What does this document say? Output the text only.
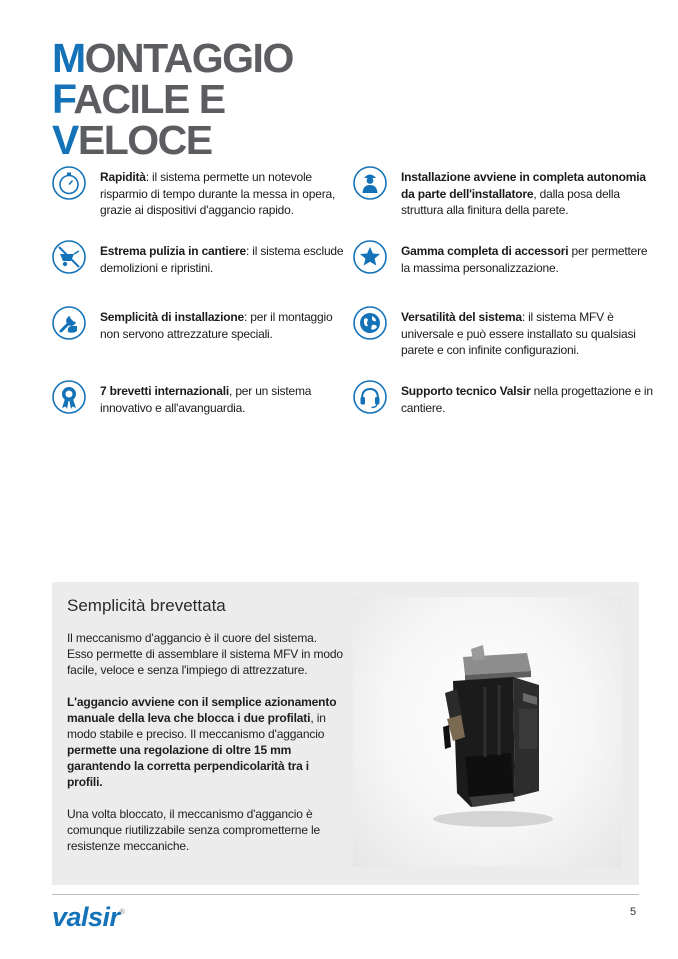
MONTAGGIO
FACILE E
VELOCE
Rapidità: il sistema permette un notevole risparmio di tempo durante la messa in opera, grazie ai dispositivi d'aggancio rapido.
Installazione avviene in completa autonomia da parte dell'installatore, dalla posa della struttura alla finitura della parete.
Estrema pulizia in cantiere: il sistema esclude demolizioni e ripristini.
Gamma completa di accessori per permettere la massima personalizzazione.
Semplicità di installazione: per il montaggio non servono attrezzature speciali.
Versatilità del sistema: il sistema MFV è universale e può essere installato su qualsiasi parete e con infinite configurazioni.
7 brevetti internazionali, per un sistema innovativo e all'avanguardia.
Supporto tecnico Valsir nella progettazione e in cantiere.
Semplicità brevettata

Il meccanismo d'aggancio è il cuore del sistema. Esso permette di assemblare il sistema MFV in modo facile, veloce e senza l'impiego di attrezzature.

L'aggancio avviene con il semplice azionamento manuale della leva che blocca i due profilati, in modo stabile e preciso. Il meccanismo d'aggancio permette una regolazione di oltre 15 mm garantendo la corretta perpendicolarità tra i profili.

Una volta bloccato, il meccanismo d'aggancio è comunque riutilizzabile senza comprometterne le resistenze meccaniche.

valsir®	5
